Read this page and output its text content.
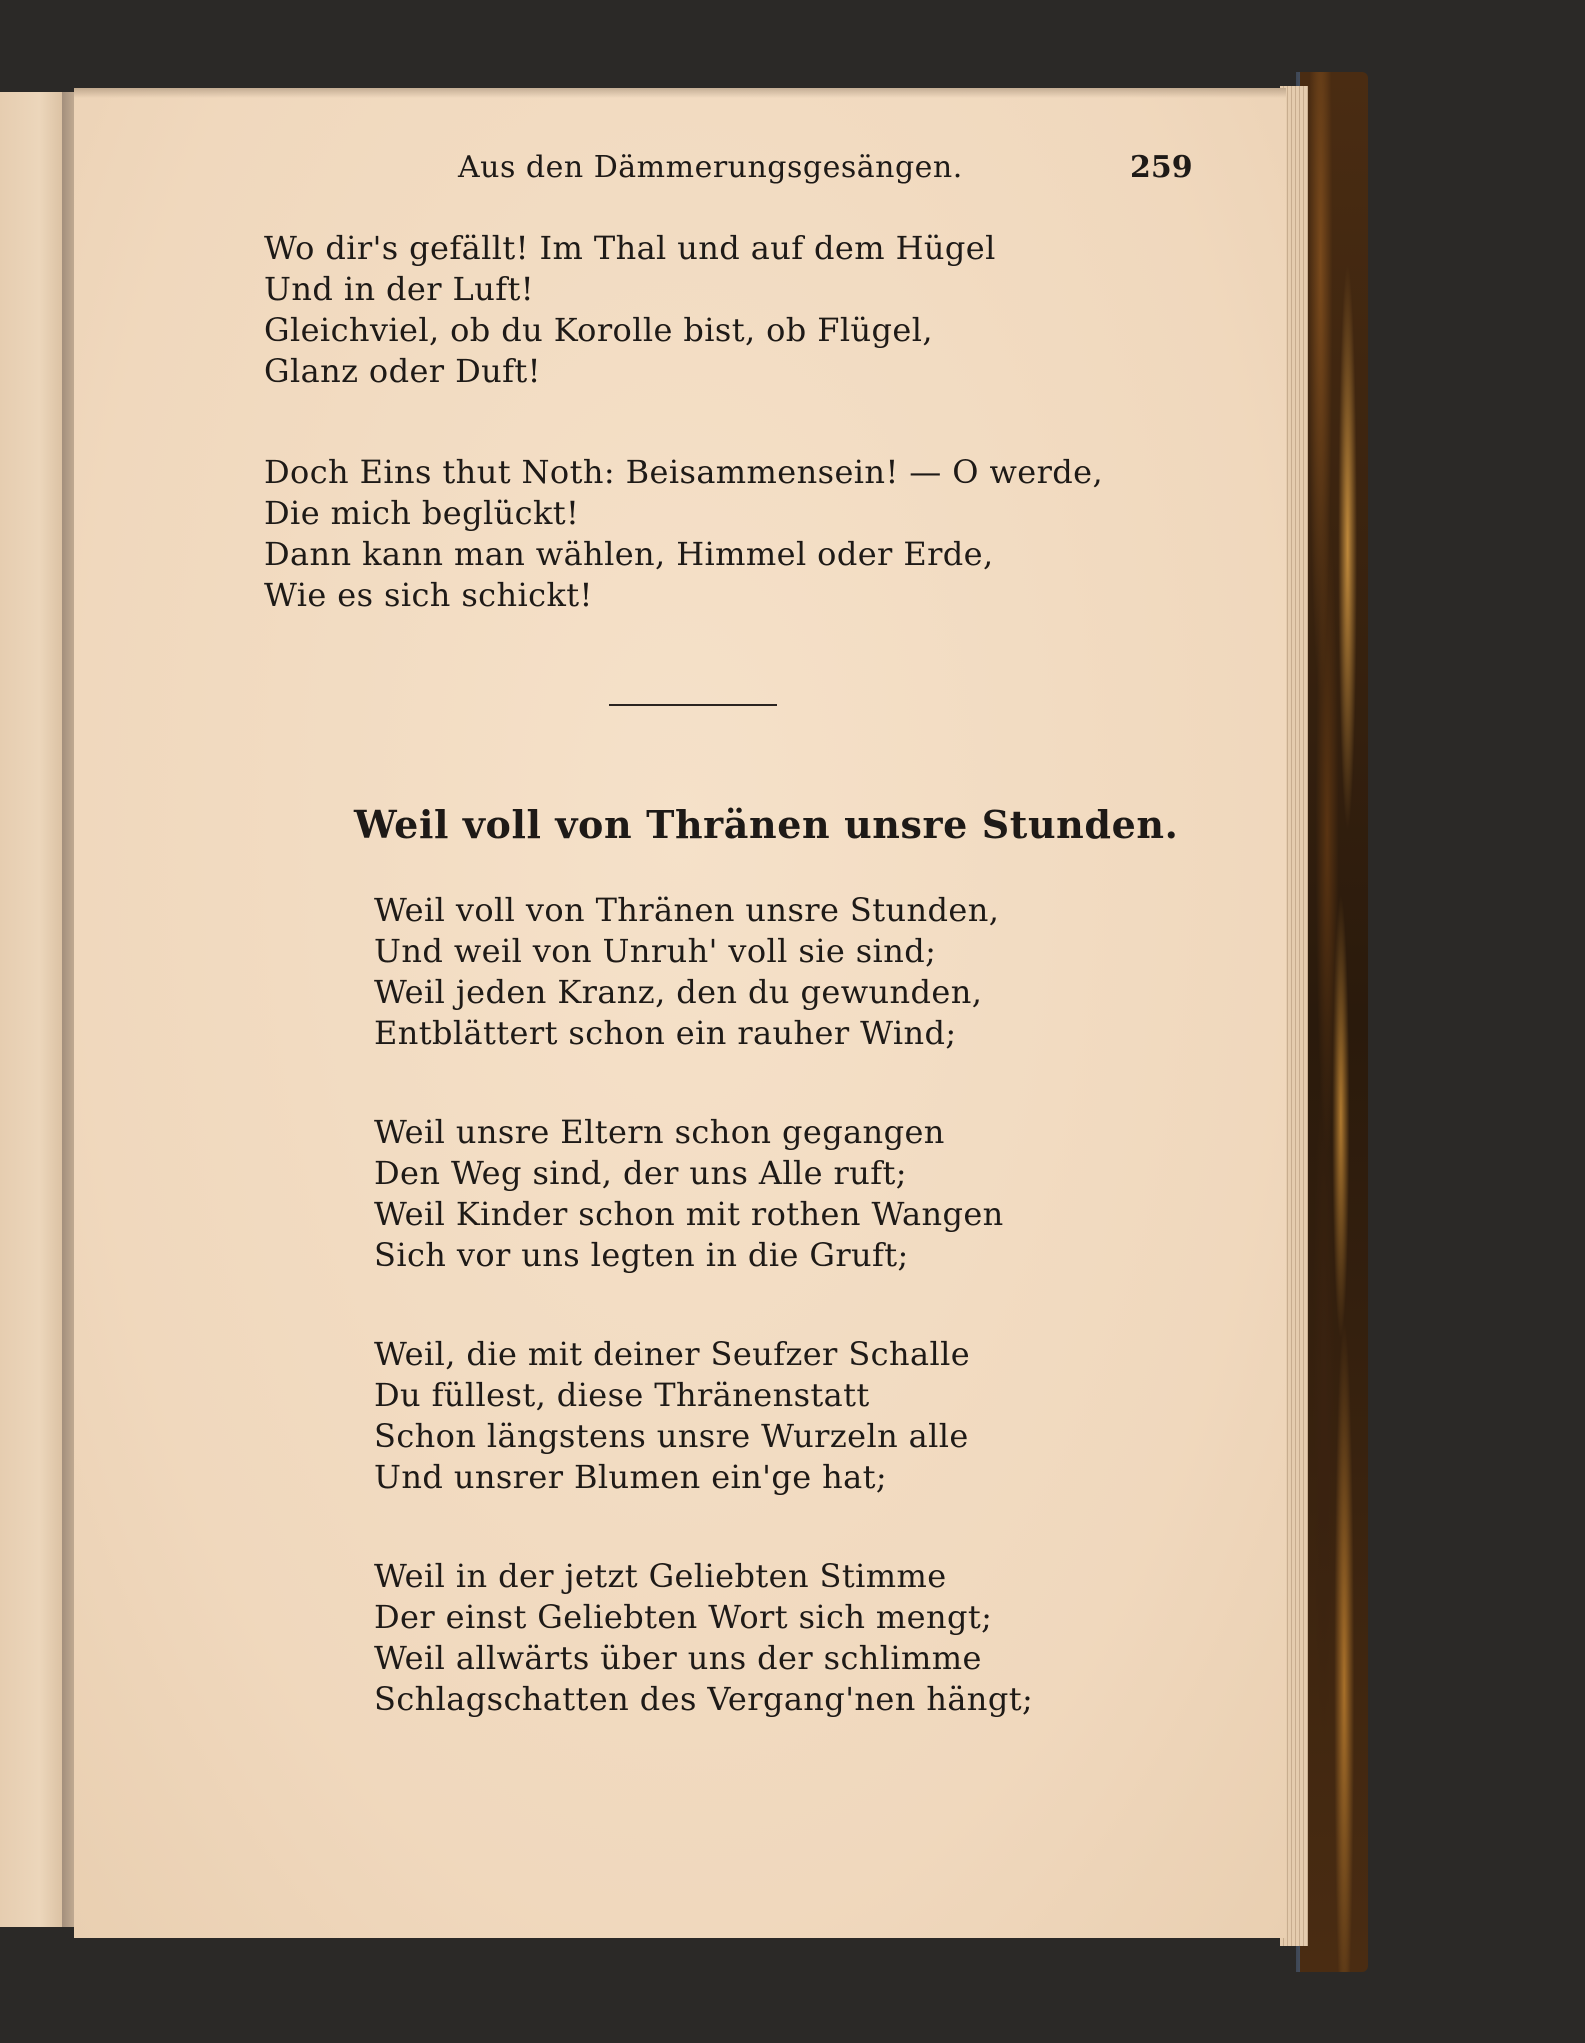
Aus den Dämmerungsgesängen.	259
Wo dir's gefällt! Im Thal und auf dem Hügel
Und in der Luft!
Gleichviel, ob du Korolle bist, ob Flügel,
Glanz oder Duft!
Doch Eins thut Noth: Beisammensein! — O werde,
Die mich beglückt!
Dann kann man wählen, Himmel oder Erde,
Wie es sich schickt!
Weil voll von Thränen unsre Stunden.
Weil voll von Thränen unsre Stunden,
Und weil von Unruh' voll sie sind;
Weil jeden Kranz, den du gewunden,
Entblättert schon ein rauher Wind;
Weil unsre Eltern schon gegangen
Den Weg sind, der uns Alle ruft;
Weil Kinder schon mit rothen Wangen
Sich vor uns legten in die Gruft;
Weil, die mit deiner Seufzer Schalle
Du füllest, diese Thränenstatt
Schon längstens unsre Wurzeln alle
Und unsrer Blumen ein'ge hat;
Weil in der jetzt Geliebten Stimme
Der einst Geliebten Wort sich mengt;
Weil allwärts über uns der schlimme
Schlagschatten des Vergang'nen hängt;
